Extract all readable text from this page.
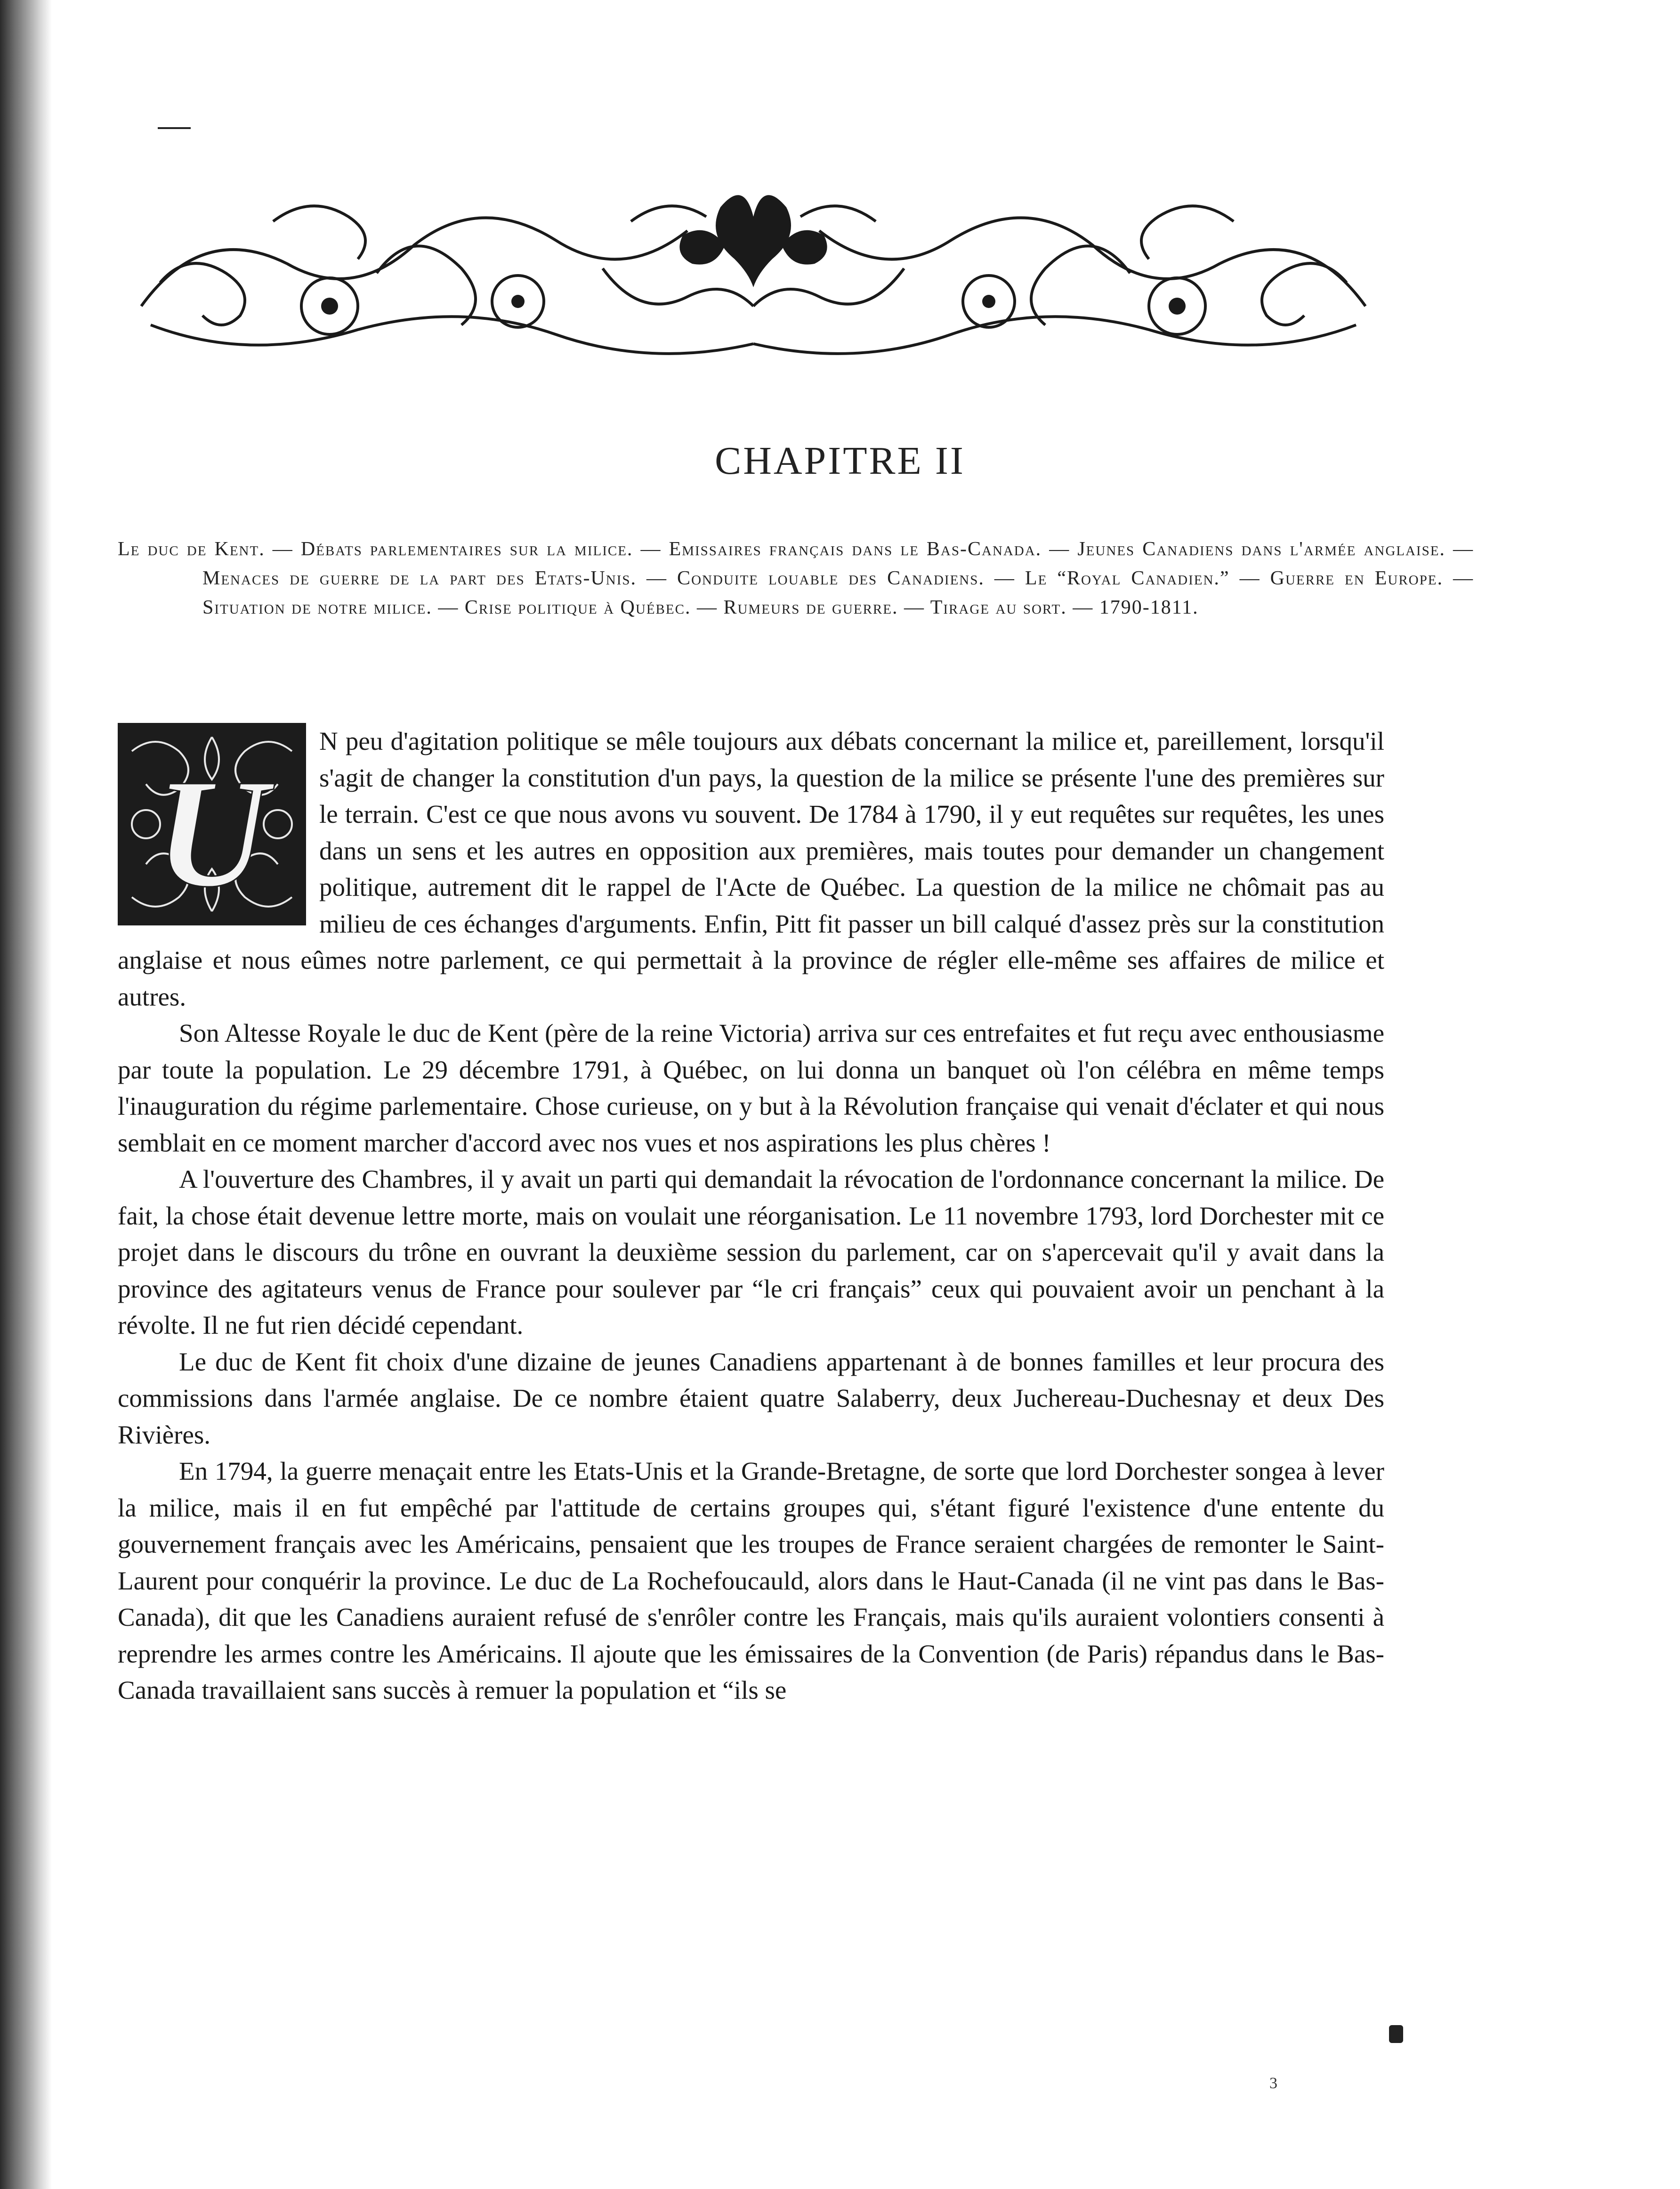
CHAPITRE II
Le duc de Kent. — Débats parlementaires sur la milice. — Emissaires français dans le Bas-Canada. — Jeunes Canadiens dans l'armée anglaise. — Menaces de guerre de la part des Etats-Unis. — Conduite louable des Canadiens. — Le “Royal Canadien.” — Guerre en Europe. — Situation de notre milice. — Crise politique à Québec. — Rumeurs de guerre. — Tirage au sort. — 1790-1811.
U

N peu d'agitation politique se mêle toujours aux débats concernant la milice et, pareillement, lorsqu'il s'agit de changer la constitution d'un pays, la question de la milice se présente l'une des premières sur le terrain. C'est ce que nous avons vu souvent. De 1784 à 1790, il y eut requêtes sur requêtes, les unes dans un sens et les autres en opposition aux premières, mais toutes pour demander un changement politique, autrement dit le rappel de l'Acte de Québec. La question de la milice ne chômait pas au milieu de ces échanges d'arguments. Enfin, Pitt fit passer un bill calqué d'assez près sur la constitution anglaise et nous eûmes notre parlement, ce qui permettait à la province de régler elle-même ses affaires de milice et autres.

Son Altesse Royale le duc de Kent (père de la reine Victoria) arriva sur ces entrefaites et fut reçu avec enthousiasme par toute la population. Le 29 décembre 1791, à Québec, on lui donna un banquet où l'on célébra en même temps l'inauguration du régime parlementaire. Chose curieuse, on y but à la Révolution française qui venait d'éclater et qui nous semblait en ce moment marcher d'accord avec nos vues et nos aspirations les plus chères !

A l'ouverture des Chambres, il y avait un parti qui demandait la révocation de l'ordonnance concernant la milice. De fait, la chose était devenue lettre morte, mais on voulait une réorganisation. Le 11 novembre 1793, lord Dorchester mit ce projet dans le discours du trône en ouvrant la deuxième session du parlement, car on s'apercevait qu'il y avait dans la province des agitateurs venus de France pour soulever par “le cri français” ceux qui pouvaient avoir un penchant à la révolte. Il ne fut rien décidé cependant.

Le duc de Kent fit choix d'une dizaine de jeunes Canadiens appartenant à de bonnes familles et leur procura des commissions dans l'armée anglaise. De ce nombre étaient quatre Salaberry, deux Juchereau-Duchesnay et deux Des Rivières.

En 1794, la guerre menaçait entre les Etats-Unis et la Grande-Bretagne, de sorte que lord Dorchester songea à lever la milice, mais il en fut empêché par l'attitude de certains groupes qui, s'étant figuré l'existence d'une entente du gouvernement français avec les Américains, pensaient que les troupes de France seraient chargées de remonter le Saint-Laurent pour conquérir la province. Le duc de La Rochefoucauld, alors dans le Haut-Canada (il ne vint pas dans le Bas-Canada), dit que les Canadiens auraient refusé de s'enrôler contre les Français, mais qu'ils auraient volontiers consenti à reprendre les armes contre les Américains. Il ajoute que les émissaires de la Convention (de Paris) répandus dans le Bas-Canada travaillaient sans succès à remuer la population et “ils se

3
